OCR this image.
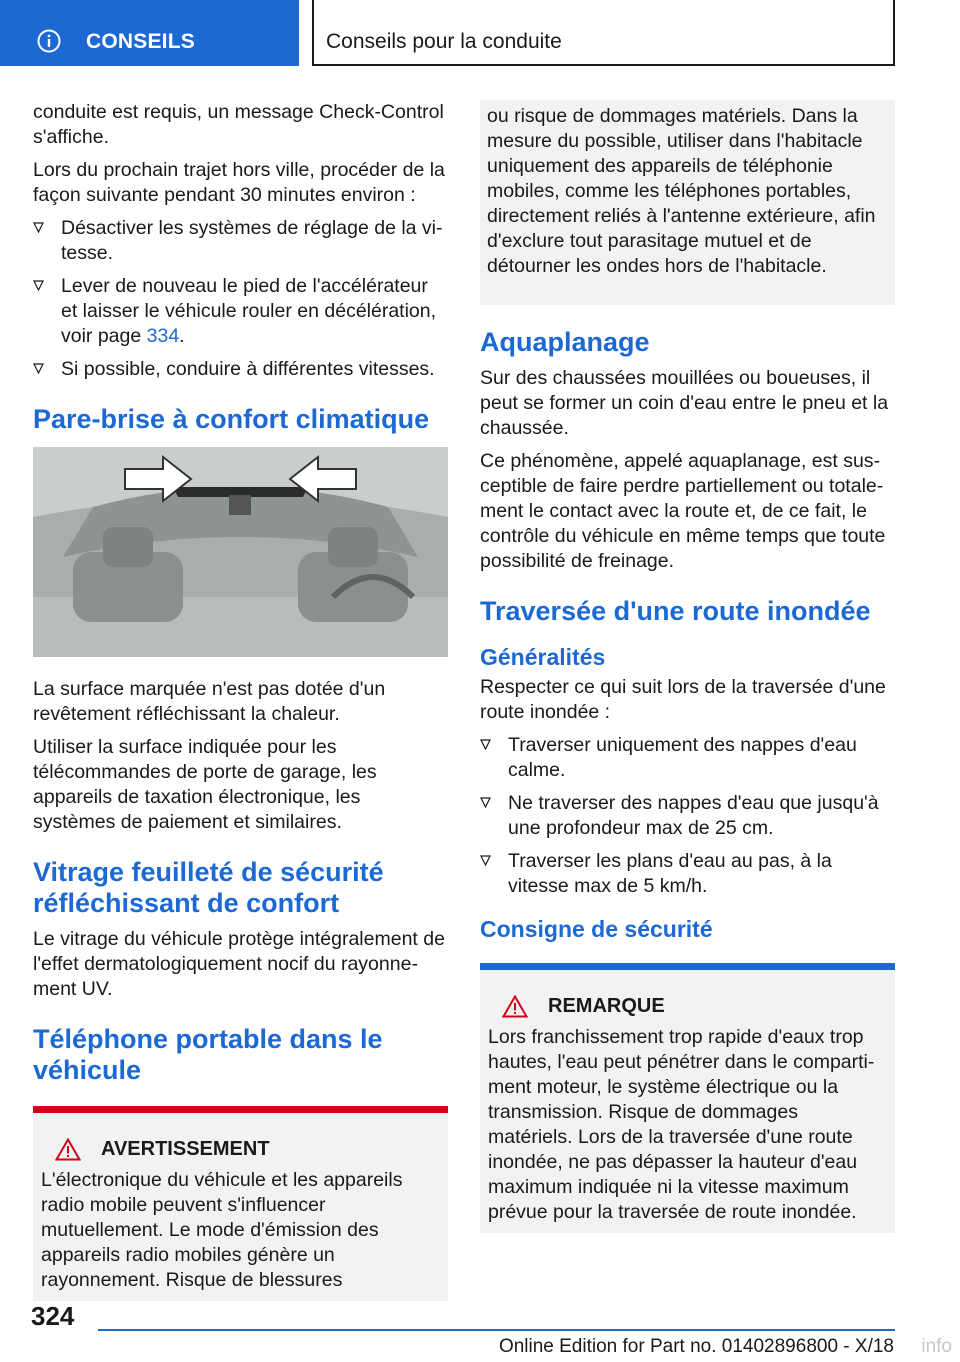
CONSEILS	Conseils pour la conduite

conduite est requis, un message Check-Control s'affiche.

Lors du prochain trajet hors ville, procéder de la façon suivante pendant 30 minutes environ :

Désactiver les systèmes de réglage de la vitesse.
Lever de nouveau le pied de l'accélérateur et laisser le véhicule rouler en décélération, voir page 334.
Si possible, conduire à différentes vitesses.
Pare-brise à confort climatique

La surface marquée n'est pas dotée d'un revêtement réfléchissant la chaleur.

Utiliser la surface indiquée pour les télécommandes de porte de garage, les appareils de taxation électronique, les systèmes de paiement et similaires.

Vitrage feuilleté de sécurité réfléchissant de confort

Le vitrage du véhicule protège intégralement de l'effet dermatologiquement nocif du rayonnement UV.

Téléphone portable dans le véhicule
AVERTISSEMENT

L'électronique du véhicule et les appareils radio mobile peuvent s'influencer mutuellement. Le mode d'émission des appareils radio mobiles génère un rayonnement. Risque de blessures

ou risque de dommages matériels. Dans la mesure du possible, utiliser dans l'habitacle uniquement des appareils de téléphonie mobiles, comme les téléphones portables, directement reliés à l'antenne extérieure, afin d'exclure tout parasitage mutuel et de détourner les ondes hors de l'habitacle.

Aquaplanage

Sur des chaussées mouillées ou boueuses, il peut se former un coin d'eau entre le pneu et la chaussée.

Ce phénomène, appelé aquaplanage, est susceptible de faire perdre partiellement ou totalement le contact avec la route et, de ce fait, le contrôle du véhicule en même temps que toute possibilité de freinage.

Traversée d'une route inondée
Généralités

Respecter ce qui suit lors de la traversée d'une route inondée :

Traverser uniquement des nappes d'eau calme.
Ne traverser des nappes d'eau que jusqu'à une profondeur max de 25 cm.
Traverser les plans d'eau au pas, à la vitesse max de 5 km/h.
Consigne de sécurité
REMARQUE

Lors franchissement trop rapide d'eaux trop hautes, l'eau peut pénétrer dans le compartiment moteur, le système électrique ou la transmission. Risque de dommages matériels. Lors de la traversée d'une route inondée, ne pas dépasser la hauteur d'eau maximum indiquée ni la vitesse maximum prévue pour la traversée de route inondée.

324
Online Edition for Part no. 01402896800 - X/18 info
